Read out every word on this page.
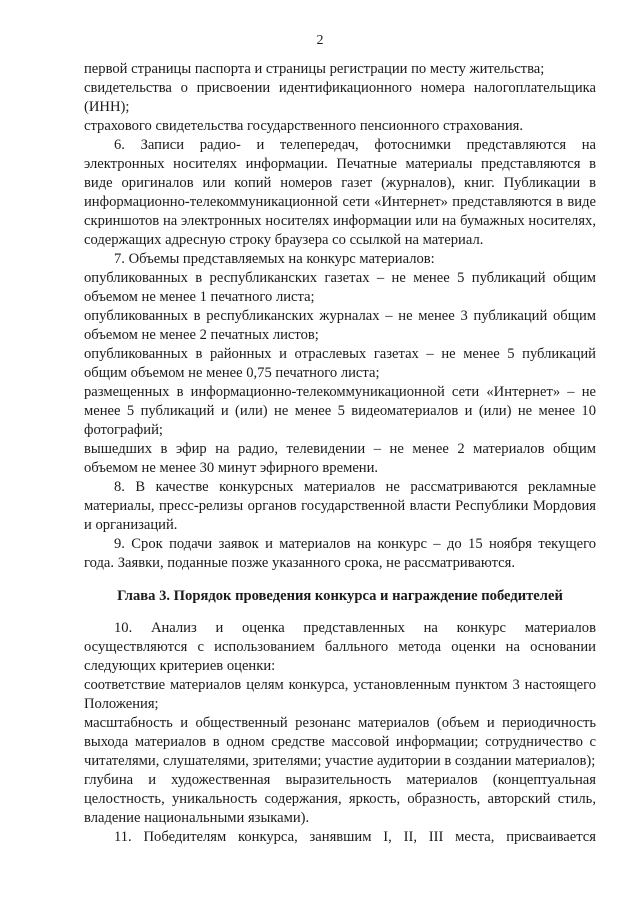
2

первой страницы паспорта и страницы регистрации по месту жительства;

свидетельства о присвоении идентификационного номера налогоплательщика (ИНН);

страхового свидетельства государственного пенсионного страхования.

6. Записи радио- и телепередач, фотоснимки представляются на электронных носителях информации. Печатные материалы представляются в виде оригиналов или копий номеров газет (журналов), книг. Публикации в информационно-телекоммуникационной сети «Интернет» представляются в виде скриншотов на электронных носителях информации или на бумажных носителях, содержащих адресную строку браузера со ссылкой на материал.

7. Объемы представляемых на конкурс материалов:

опубликованных в республиканских газетах – не менее 5 публикаций общим объемом не менее 1 печатного листа;

опубликованных в республиканских журналах – не менее 3 публикаций общим объемом не менее 2 печатных листов;

опубликованных в районных и отраслевых газетах – не менее 5 публикаций общим объемом не менее 0,75 печатного листа;

размещенных в информационно-телекоммуникационной сети «Интернет» – не менее 5 публикаций и (или) не менее 5 видеоматериалов и (или) не менее 10 фотографий;

вышедших в эфир на радио, телевидении – не менее 2 материалов общим объемом не менее 30 минут эфирного времени.

8. В качестве конкурсных материалов не рассматриваются рекламные материалы, пресс-релизы органов государственной власти Республики Мордовия и организаций.

9. Срок подачи заявок и материалов на конкурс – до 15 ноября текущего года. Заявки, поданные позже указанного срока, не рассматриваются.

Глава 3. Порядок проведения конкурса и награждение победителей

10. Анализ и оценка представленных на конкурс материалов осуществляются с использованием балльного метода оценки на основании следующих критериев оценки:

соответствие материалов целям конкурса, установленным пунктом 3 настоящего Положения;

масштабность и общественный резонанс материалов (объем и периодичность выхода материалов в одном средстве массовой информации; сотрудничество с читателями, слушателями, зрителями; участие аудитории в создании материалов);

глубина и художественная выразительность материалов (концептуальная целостность, уникальность содержания, яркость, образность, авторский стиль, владение национальными языками).

11. Победителям конкурса, занявшим I, II, III места, присваивается
